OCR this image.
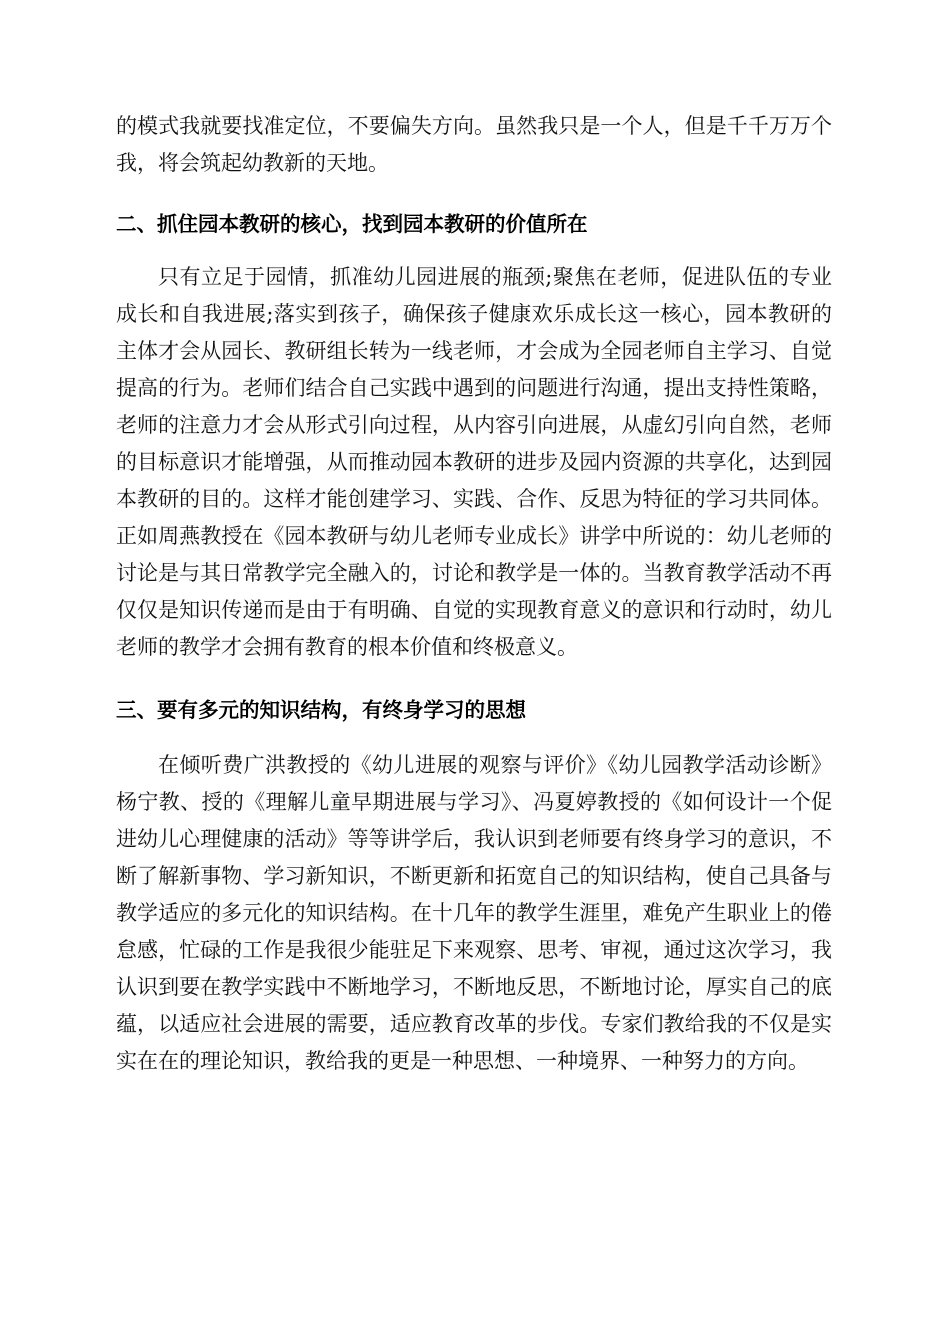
的模式我就要找准定位，不要偏失方向。虽然我只是一个人，但是千千万万个我，将会筑起幼教新的天地。

二、抓住园本教研的核心，找到园本教研的价值所在

只有立足于园情，抓准幼儿园进展的瓶颈;聚焦在老师，促进队伍的专业成长和自我进展;落实到孩子，确保孩子健康欢乐成长这一核心，园本教研的主体才会从园长、教研组长转为一线老师，才会成为全园老师自主学习、自觉提高的行为。老师们结合自己实践中遇到的问题进行沟通，提出支持性策略，老师的注意力才会从形式引向过程，从内容引向进展，从虚幻引向自然，老师的目标意识才能增强，从而推动园本教研的进步及园内资源的共享化，达到园本教研的目的。这样才能创建学习、实践、合作、反思为特征的学习共同体。正如周燕教授在《园本教研与幼儿老师专业成长》讲学中所说的：幼儿老师的讨论是与其日常教学完全融入的，讨论和教学是一体的。当教育教学活动不再仅仅是知识传递而是由于有明确、自觉的实现教育意义的意识和行动时，幼儿老师的教学才会拥有教育的根本价值和终极意义。

三、要有多元的知识结构，有终身学习的思想

在倾听费广洪教授的《幼儿进展的观察与评价》《幼儿园教学活动诊断》杨宁教、授的《理解儿童早期进展与学习》、冯夏婷教授的《如何设计一个促进幼儿心理健康的活动》等等讲学后，我认识到老师要有终身学习的意识，不断了解新事物、学习新知识，不断更新和拓宽自己的知识结构，使自己具备与教学适应的多元化的知识结构。在十几年的教学生涯里，难免产生职业上的倦怠感，忙碌的工作是我很少能驻足下来观察、思考、审视，通过这次学习，我认识到要在教学实践中不断地学习，不断地反思，不断地讨论，厚实自己的底蕴，以适应社会进展的需要，适应教育改革的步伐。专家们教给我的不仅是实实在在的理论知识，教给我的更是一种思想、一种境界、一种努力的方向。
